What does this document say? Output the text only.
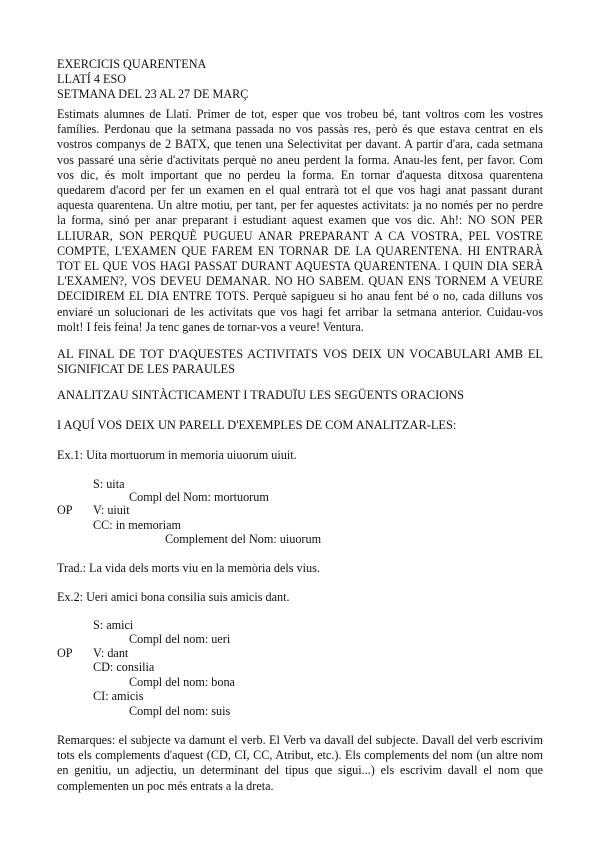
EXERCICIS QUARENTENA
LLATÍ 4 ESO
SETMANA DEL 23 AL 27 DE MARÇ

Estimats alumnes de Llatí. Primer de tot, esper que vos trobeu bé, tant voltros com les vostres famílies. Perdonau que la setmana passada no vos passàs res, però és que estava centrat en els vostros companys de 2 BATX, que tenen una Selectivitat per davant. A partir d'ara, cada setmana vos passaré una sèrie d'activitats perquè no aneu perdent la forma. Anau-les fent, per favor. Com vos dic, és molt important que no perdeu la forma. En tornar d'aquesta ditxosa quarentena quedarem d'acord per fer un examen en el qual entrarà tot el que vos hagi anat passant durant aquesta quarentena. Un altre motiu, per tant, per fer aquestes activitats: ja no només per no perdre la forma, sinó per anar preparant i estudiant aquest examen que vos dic. Ah!: NO SON PER LLIURAR, SON PERQUÈ PUGUEU ANAR PREPARANT A CA VOSTRA, PEL VOSTRE COMPTE, L'EXAMEN QUE FAREM EN TORNAR DE LA QUARENTENA. HI ENTRARÀ TOT EL QUE VOS HAGI PASSAT DURANT AQUESTA QUARENTENA. I QUIN DIA SERÀ L'EXAMEN?, VOS DEVEU DEMANAR. NO HO SABEM. QUAN ENS TORNEM A VEURE DECIDIREM EL DIA ENTRE TOTS. Perquè sapigueu si ho anau fent bé o no, cada dilluns vos enviaré un solucionari de les activitats que vos hagi fet arribar la setmana anterior. Cuidau-vos molt! I feis feina! Ja tenc ganes de tornar-vos a veure! Ventura.

AL FINAL DE TOT D'AQUESTES ACTIVITATS VOS DEIX UN VOCABULARI AMB EL SIGNIFICAT DE LES PARAULES

ANALITZAU SINTÀCTICAMENT I TRADUÏU LES SEGÜENTS ORACIONS

I AQUÍ VOS DEIX UN PARELL D'EXEMPLES DE COM ANALITZAR-LES:

Ex.1: Uita mortuorum in memoria uiuorum uiuit.

S: uita

Compl del Nom: mortuorum

OP V: uiuit

CC: in memoriam

Complement del Nom: uiuorum

Trad.: La vida dels morts viu en la memòria dels vius.

Ex.2: Ueri amici bona consilia suis amicis dant.

S: amici

Compl del nom: ueri

OP V: dant

CD: consilia

Compl del nom: bona

CI: amicis

Compl del nom: suis

Remarques: el subjecte va damunt el verb. El Verb va davall del subjecte. Davall del verb escrivim tots els complements d'aquest (CD, CI, CC, Atribut, etc.). Els complements del nom (un altre nom en genitiu, un adjectiu, un determinant del tipus que sigui...) els escrivim davall el nom que complementen un poc més entrats a la dreta.
